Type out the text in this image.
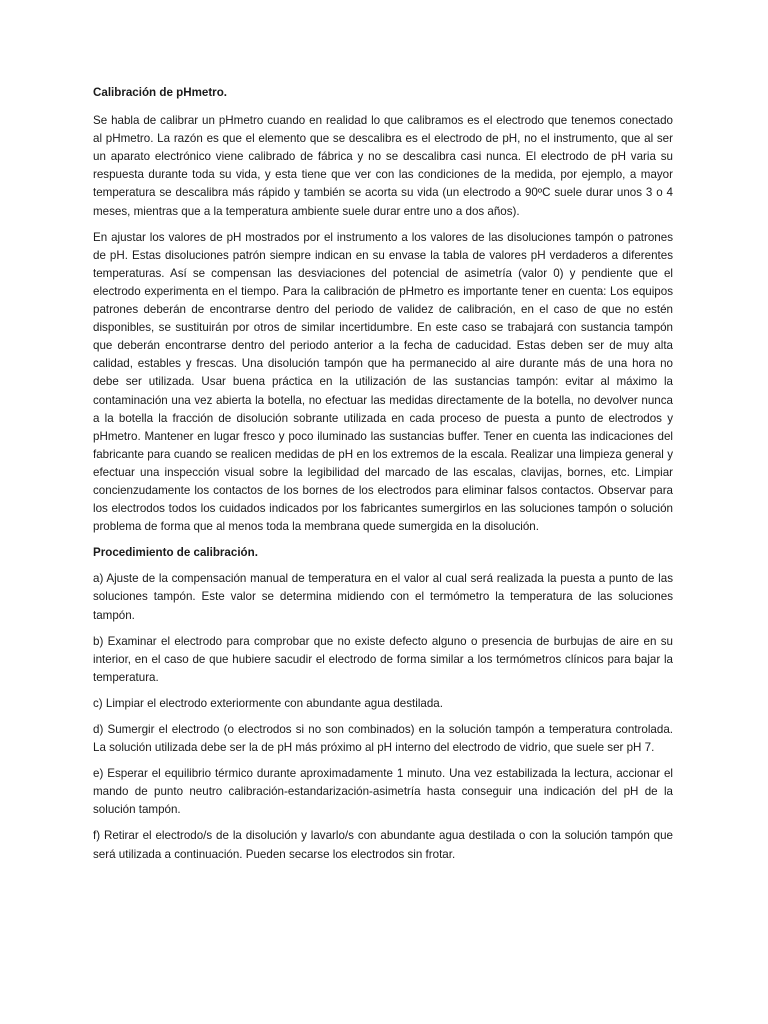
Calibración de pHmetro.

Se habla de calibrar un pHmetro cuando en realidad lo que calibramos es el electrodo que tenemos conectado al pHmetro. La razón es que el elemento que se descalibra es el electrodo de pH, no el instrumento, que al ser un aparato electrónico viene calibrado de fábrica y no se descalibra casi nunca. El electrodo de pH varia su respuesta durante toda su vida, y esta tiene que ver con las condiciones de la medida, por ejemplo, a mayor temperatura se descalibra más rápido y también se acorta su vida (un electrodo a 90ºC suele durar unos 3 o 4 meses, mientras que a la temperatura ambiente suele durar entre uno a dos años).

En ajustar los valores de pH mostrados por el instrumento a los valores de las disoluciones tampón o patrones de pH. Estas disoluciones patrón siempre indican en su envase la tabla de valores pH verdaderos a diferentes temperaturas. Así se compensan las desviaciones del potencial de asimetría (valor 0) y pendiente que el electrodo experimenta en el tiempo. Para la calibración de pHmetro es importante tener en cuenta: Los equipos patrones deberán de encontrarse dentro del periodo de validez de calibración, en el caso de que no estén disponibles, se sustituirán por otros de similar incertidumbre. En este caso se trabajará con sustancia tampón que deberán encontrarse dentro del periodo anterior a la fecha de caducidad. Estas deben ser de muy alta calidad, estables y frescas. Una disolución tampón que ha permanecido al aire durante más de una hora no debe ser utilizada. Usar buena práctica en la utilización de las sustancias tampón: evitar al máximo la contaminación una vez abierta la botella, no efectuar las medidas directamente de la botella, no devolver nunca a la botella la fracción de disolución sobrante utilizada en cada proceso de puesta a punto de electrodos y pHmetro. Mantener en lugar fresco y poco iluminado las sustancias buffer. Tener en cuenta las indicaciones del fabricante para cuando se realicen medidas de pH en los extremos de la escala. Realizar una limpieza general y efectuar una inspección visual sobre la legibilidad del marcado de las escalas, clavijas, bornes, etc. Limpiar concienzudamente los contactos de los bornes de los electrodos para eliminar falsos contactos. Observar para los electrodos todos los cuidados indicados por los fabricantes sumergirlos en las soluciones tampón o solución problema de forma que al menos toda la membrana quede sumergida en la disolución.

Procedimiento de calibración.

a) Ajuste de la compensación manual de temperatura en el valor al cual será realizada la puesta a punto de las soluciones tampón. Este valor se determina midiendo con el termómetro la temperatura de las soluciones tampón.

b) Examinar el electrodo para comprobar que no existe defecto alguno o presencia de burbujas de aire en su interior, en el caso de que hubiere sacudir el electrodo de forma similar a los termómetros clínicos para bajar la temperatura.

c) Limpiar el electrodo exteriormente con abundante agua destilada.

d) Sumergir el electrodo (o electrodos si no son combinados) en la solución tampón a temperatura controlada. La solución utilizada debe ser la de pH más próximo al pH interno del electrodo de vidrio, que suele ser pH 7.

e) Esperar el equilibrio térmico durante aproximadamente 1 minuto. Una vez estabilizada la lectura, accionar el mando de punto neutro calibración-estandarización-asimetría hasta conseguir una indicación del pH de la solución tampón.

f) Retirar el electrodo/s de la disolución y lavarlo/s con abundante agua destilada o con la solución tampón que será utilizada a continuación. Pueden secarse los electrodos sin frotar.
